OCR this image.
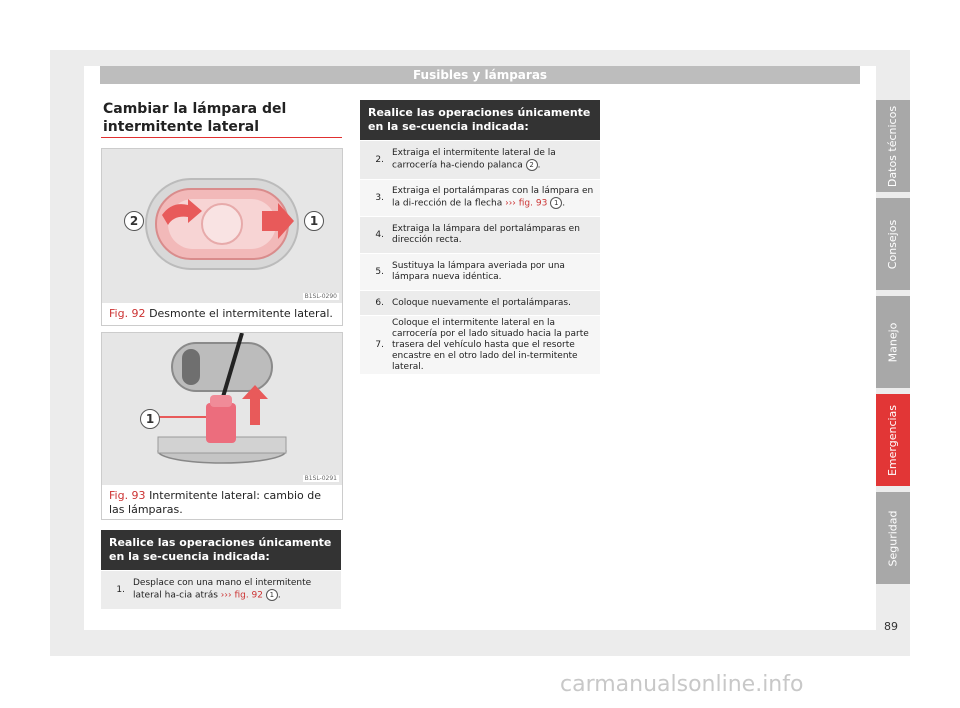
Fusibles y lámparas
Cambiar la lámpara del intermitente lateral
2	1
B1SL-0290
Fig. 92 Desmonte el intermitente lateral.
1
B1SL-0291
Fig. 93 Intermitente lateral: cambio de las lámparas.
Realice las operaciones únicamente en la se-cuencia indicada:
1.
Desplace con una mano el intermitente lateral ha-cia atrás ››› fig. 92 1 .
Realice las operaciones únicamente en la se-cuencia indicada:
2.
Extraiga el intermitente lateral de la carrocería ha-ciendo palanca 2 .
3.
Extraiga el portalámparas con la lámpara en la di-rección de la flecha ››› fig. 93 1 .
4.
Extraiga la lámpara del portalámparas en dirección recta.
5.
Sustituya la lámpara averiada por una lámpara nueva idéntica.
6. Coloque nuevamente el portalámparas.
7.
Coloque el intermitente lateral en la carrocería por el lado situado hacia la parte trasera del vehículo hasta que el resorte encastre en el otro lado del in-termitente lateral.
Datos técnicos
Consejos
Manejo
Emergencias
Seguridad
89
carmanualsonline.info
